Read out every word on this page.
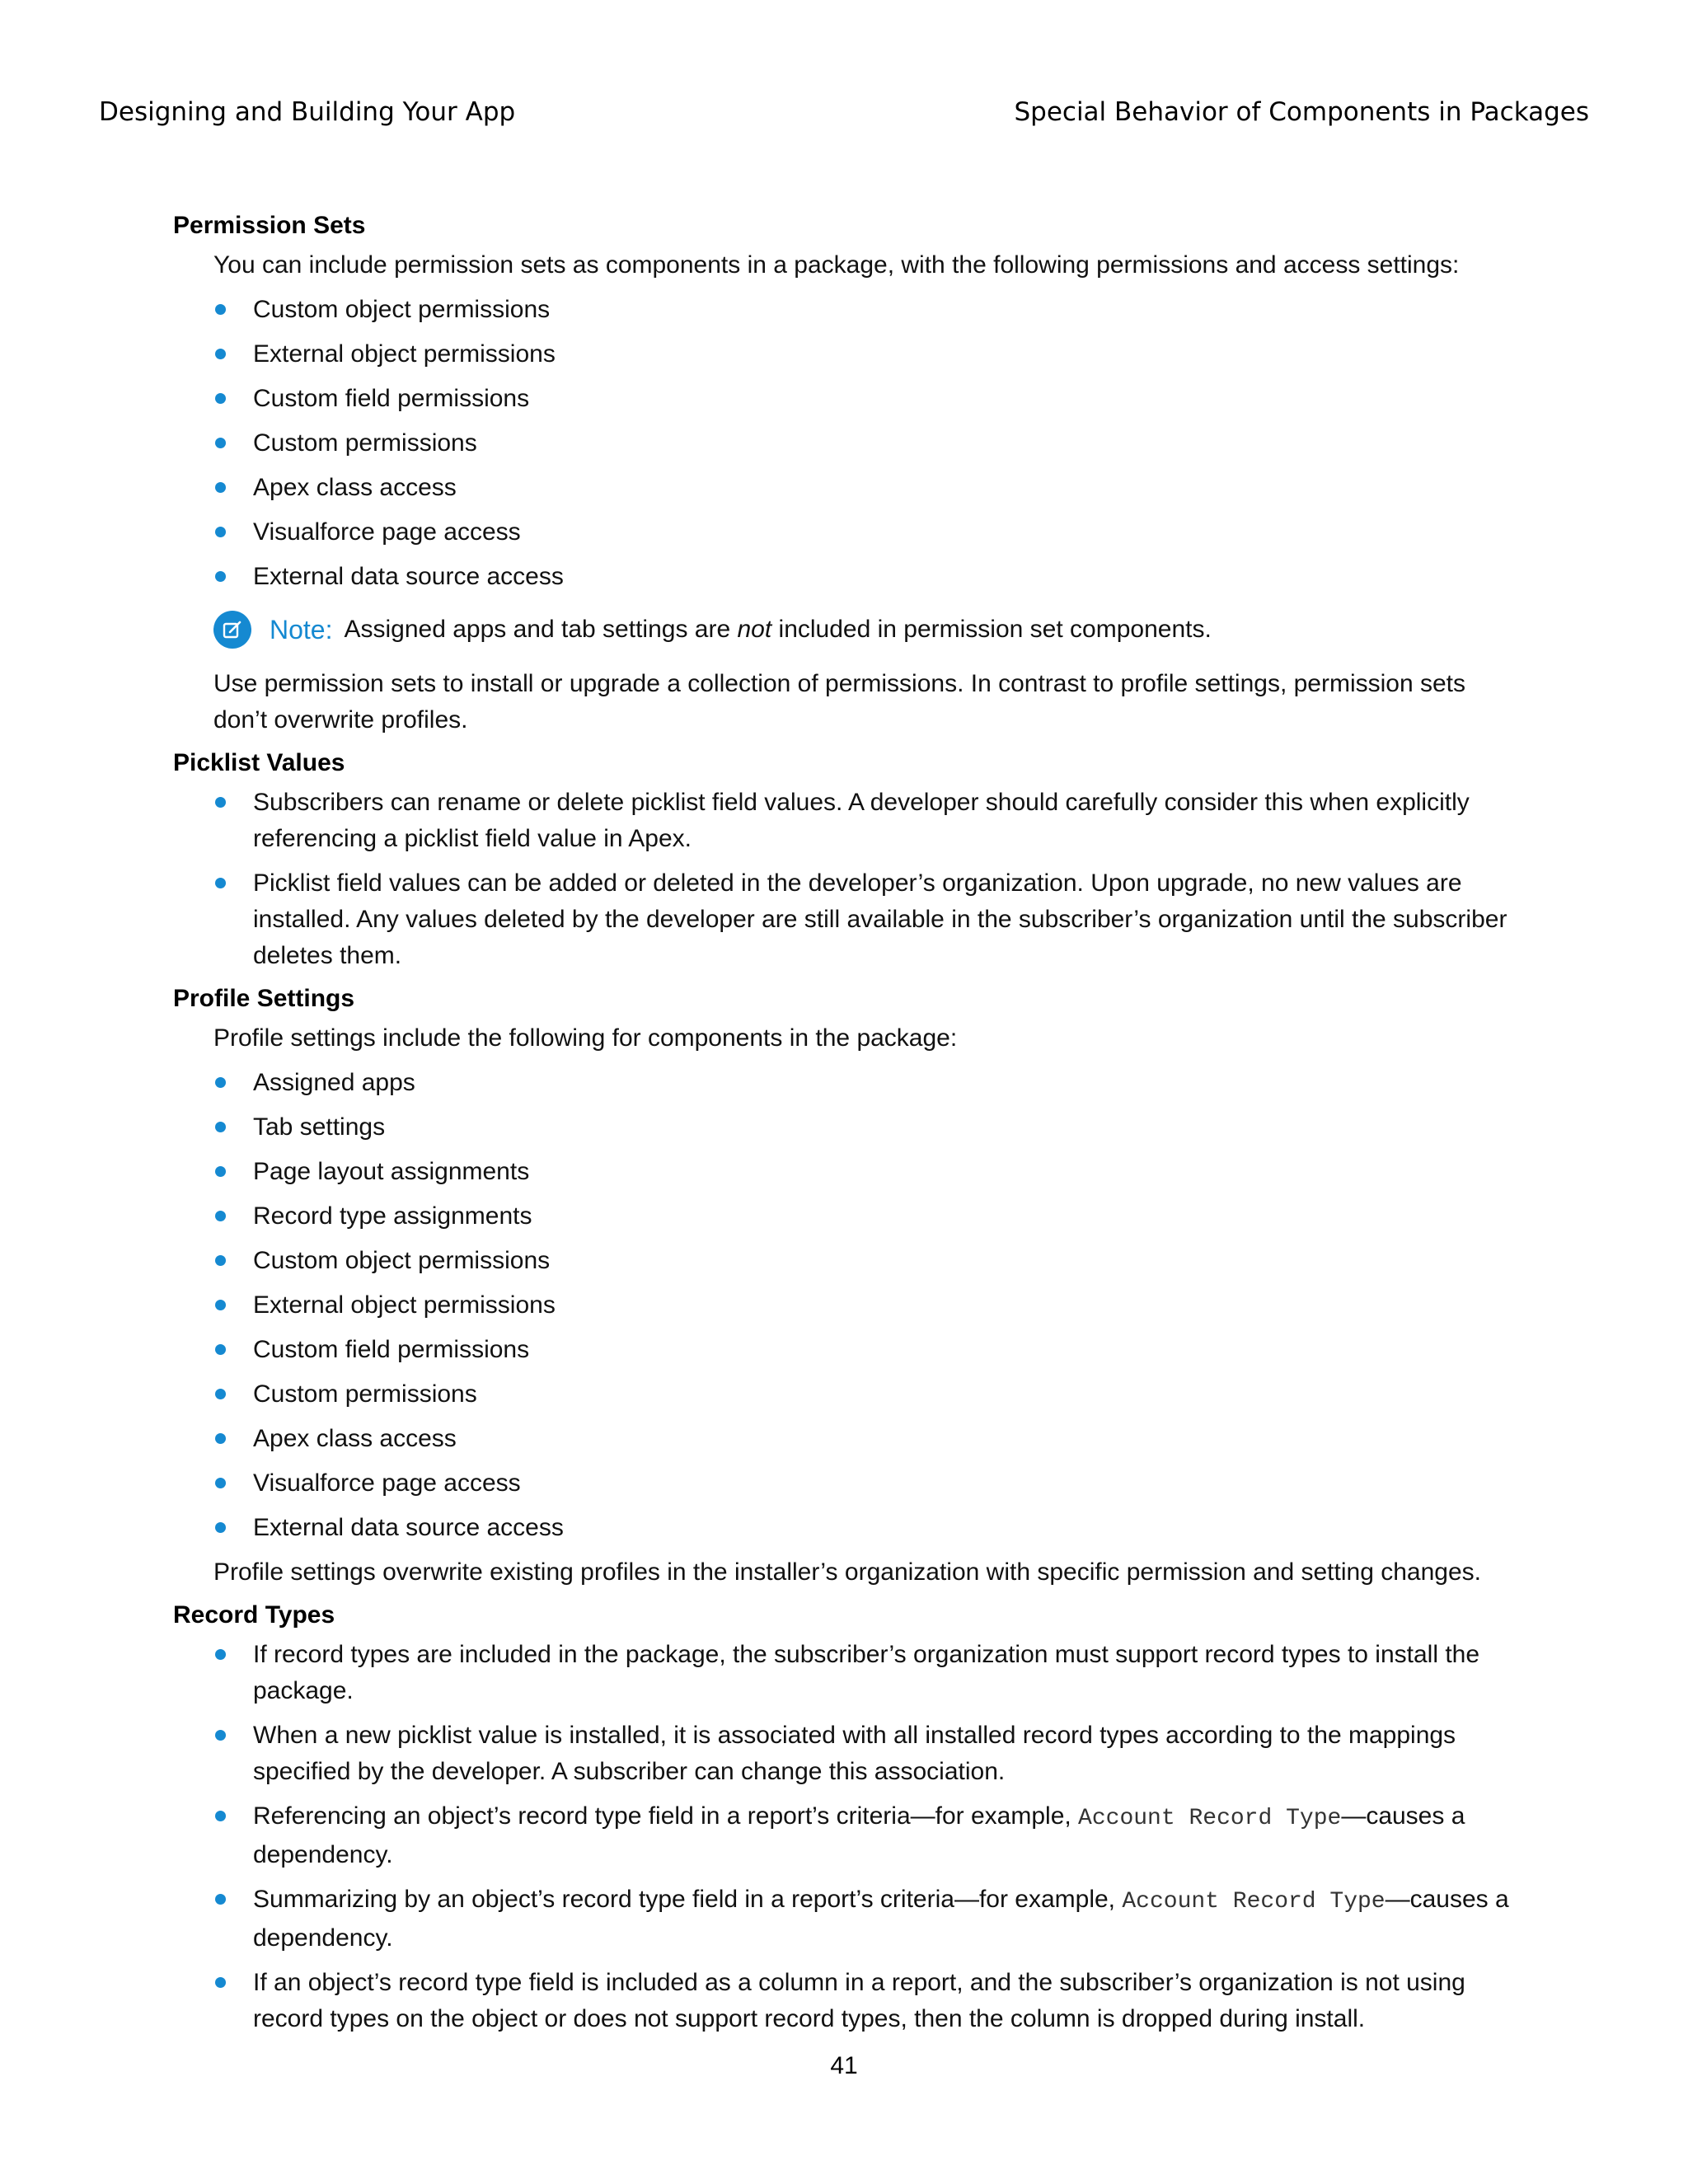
Designing and Building Your App	Special Behavior of Components in Packages
Permission Sets

You can include permission sets as components in a package, with the following permissions and access settings:

Custom object permissions
External object permissions
Custom field permissions
Custom permissions
Apex class access
Visualforce page access
External data source access
Note: Assigned apps and tab settings are not included in permission set components.

Use permission sets to install or upgrade a collection of permissions. In contrast to profile settings, permission sets don’t overwrite profiles.

Picklist Values
Subscribers can rename or delete picklist field values. A developer should carefully consider this when explicitly referencing a picklist field value in Apex.
Picklist field values can be added or deleted in the developer’s organization. Upon upgrade, no new values are installed. Any values deleted by the developer are still available in the subscriber’s organization until the subscriber deletes them.
Profile Settings

Profile settings include the following for components in the package:

Assigned apps
Tab settings
Page layout assignments
Record type assignments
Custom object permissions
External object permissions
Custom field permissions
Custom permissions
Apex class access
Visualforce page access
External data source access

Profile settings overwrite existing profiles in the installer’s organization with specific permission and setting changes.

Record Types
If record types are included in the package, the subscriber’s organization must support record types to install the package.
When a new picklist value is installed, it is associated with all installed record types according to the mappings specified by the developer. A subscriber can change this association.
Referencing an object’s record type field in a report’s criteria—for example, Account Record Type—causes a dependency.
Summarizing by an object’s record type field in a report’s criteria—for example, Account Record Type—causes a dependency.
If an object’s record type field is included as a column in a report, and the subscriber’s organization is not using record types on the object or does not support record types, then the column is dropped during install.
41
